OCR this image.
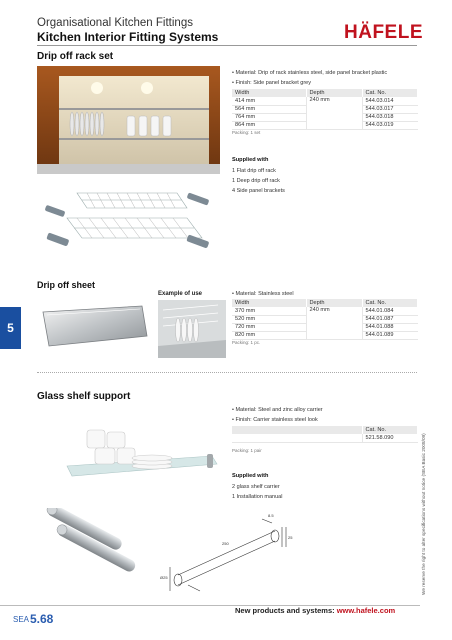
Organisational Kitchen Fittings
Kitchen Interior Fitting Systems	HÄFELE
Drip off rack set
• Material: Drip of rack stainless steel, side panel bracket plastic
• Finish: Side panel bracket grey
Width	Depth	Cat. No.
414 mm	240 mm	544.03.014
564 mm		544.03.017
764 mm		544.03.018
864 mm		544.03.019
Packing: 1 set
Supplied with
1 Flat drip off rack
1 Deep drip off rack
4 Side panel brackets
Drip off sheet
Example of use	• Material: Stainless steel
Width	Depth	Cat. No.
370 mm	240 mm	544.01.084
520 mm		544.01.087
720 mm		544.01.088
820 mm		544.01.089
Packing: 1 pc.
5
Glass shelf support
• Material: Steel and zinc alloy carrier
• Finish: Carrier stainless steel look
	Cat. No.
	521.58.090
Packing: 1 pair
Supplied with
2 glass shelf carrier
1 Installation manual
250
8.5
25
Ø25	We reserve the right to alter specifications without notice (SEA Basic 2008/09)
SEA 5.68
New products and systems: www.hafele.com
